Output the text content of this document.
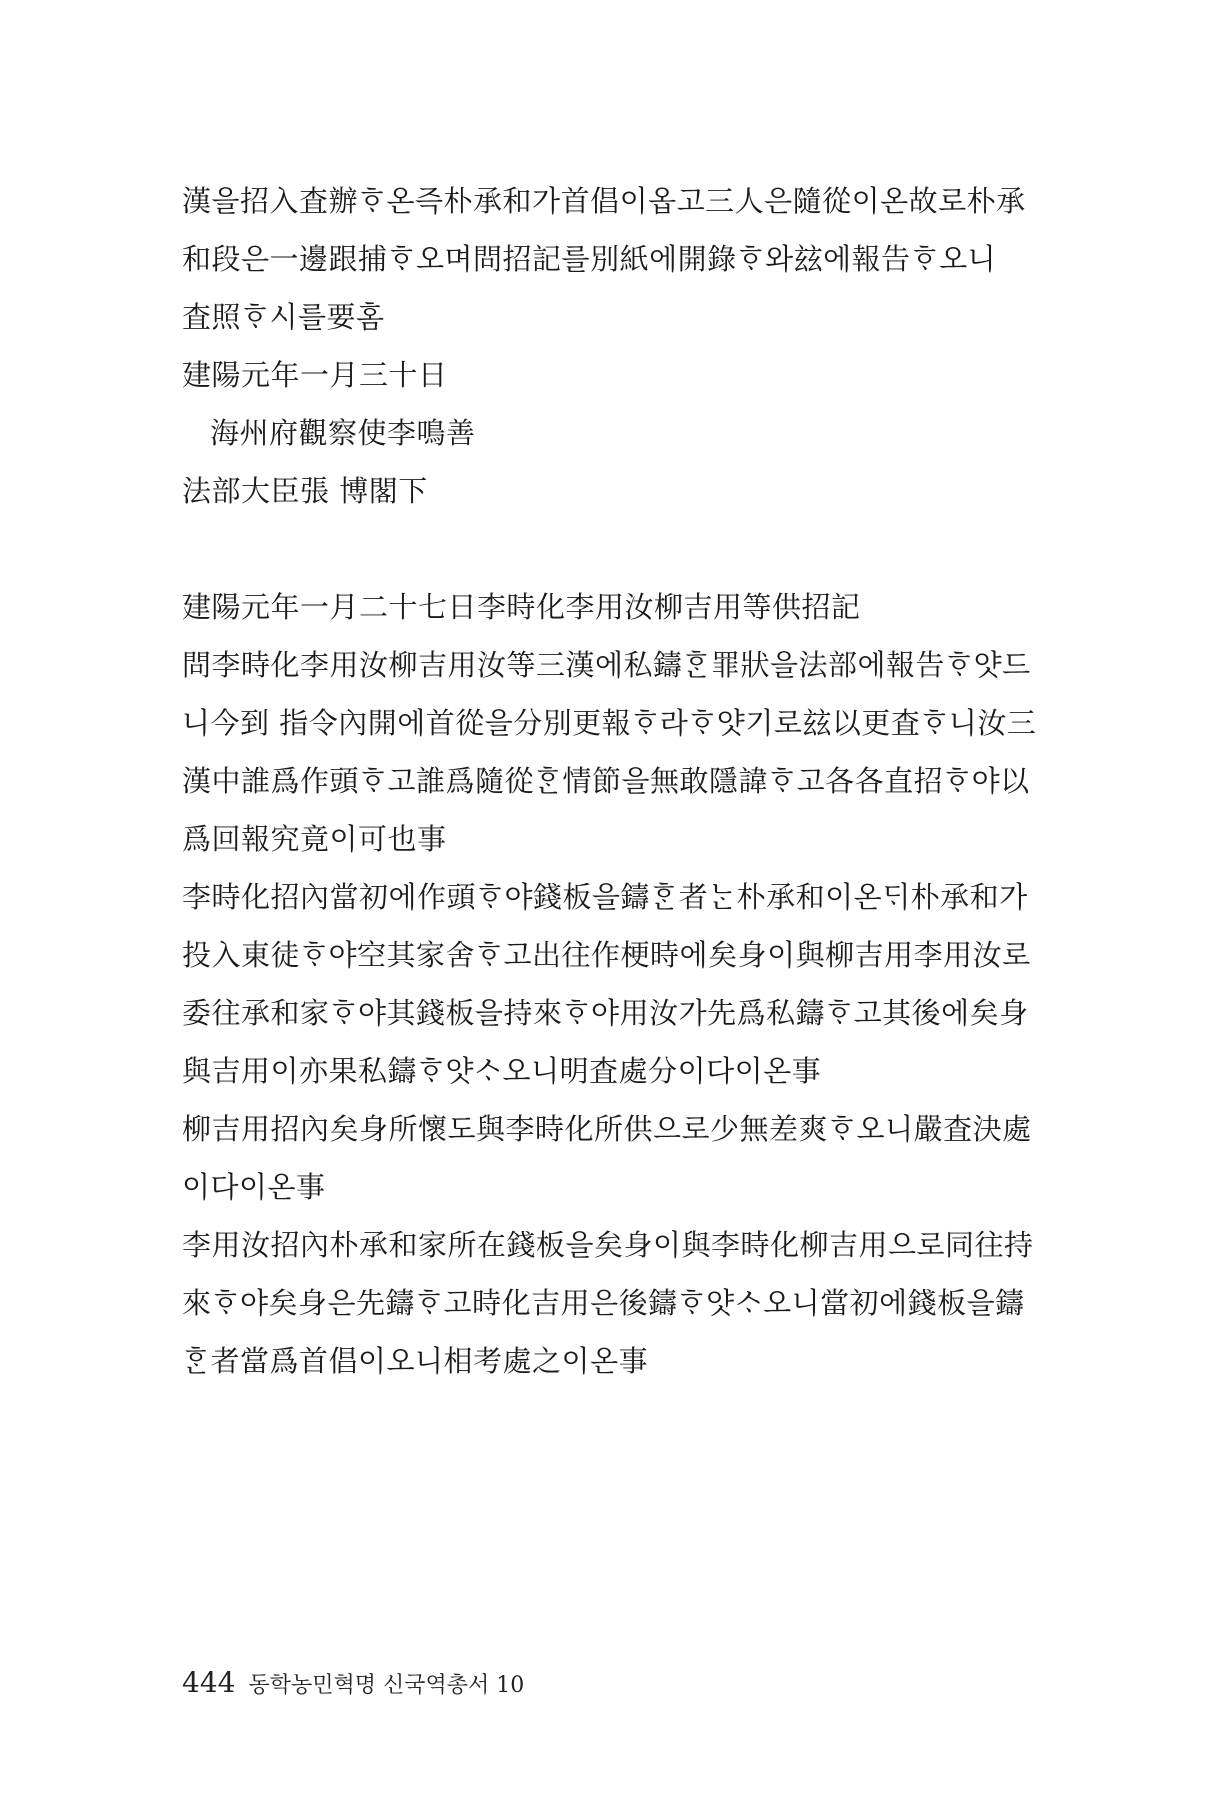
漢을招入査辦ᄒᆞ온즉朴承和가首倡이옵고三人은隨從이온故로朴承
和段은一邊跟捕ᄒᆞ오며問招記를別紙에開錄ᄒᆞ와玆에報告ᄒᆞ오니
査照ᄒᆞ시를要홈
建陽元年一月三十日
海州府觀察使李鳴善
法部大臣張 博閣下
建陽元年一月二十七日李時化李用汝柳吉用等供招記
問李時化李用汝柳吉用汝等三漢에私鑄ᄒᆞᆫ罪狀을法部에報告ᄒᆞ얏드
니今到 指令內開에首從을分別更報ᄒᆞ라ᄒᆞ얏기로玆以更査ᄒᆞ니汝三
漢中誰爲作頭ᄒᆞ고誰爲隨從ᄒᆞᆫ情節을無敢隱諱ᄒᆞ고各各直招ᄒᆞ야以
爲回報究竟이可也事
李時化招內當初에作頭ᄒᆞ야錢板을鑄ᄒᆞᆫ者ᄂᆞᆫ朴承和이온ᄃᆡ朴承和가
投入東徒ᄒᆞ야空其家舍ᄒᆞ고出往作梗時에矣身이與柳吉用李用汝로
委往承和家ᄒᆞ야其錢板을持來ᄒᆞ야用汝가先爲私鑄ᄒᆞ고其後에矣身
與吉用이亦果私鑄ᄒᆞ얏ᄉᆞ오니明査處分이다이온事
柳吉用招內矣身所懷도與李時化所供으로少無差爽ᄒᆞ오니嚴査決處
이다이온事
李用汝招內朴承和家所在錢板을矣身이與李時化柳吉用으로同往持
來ᄒᆞ야矣身은先鑄ᄒᆞ고時化吉用은後鑄ᄒᆞ얏ᄉᆞ오니當初에錢板을鑄
ᄒᆞᆫ者當爲首倡이오니相考處之이온事
444 동학농민혁명 신국역총서 10
